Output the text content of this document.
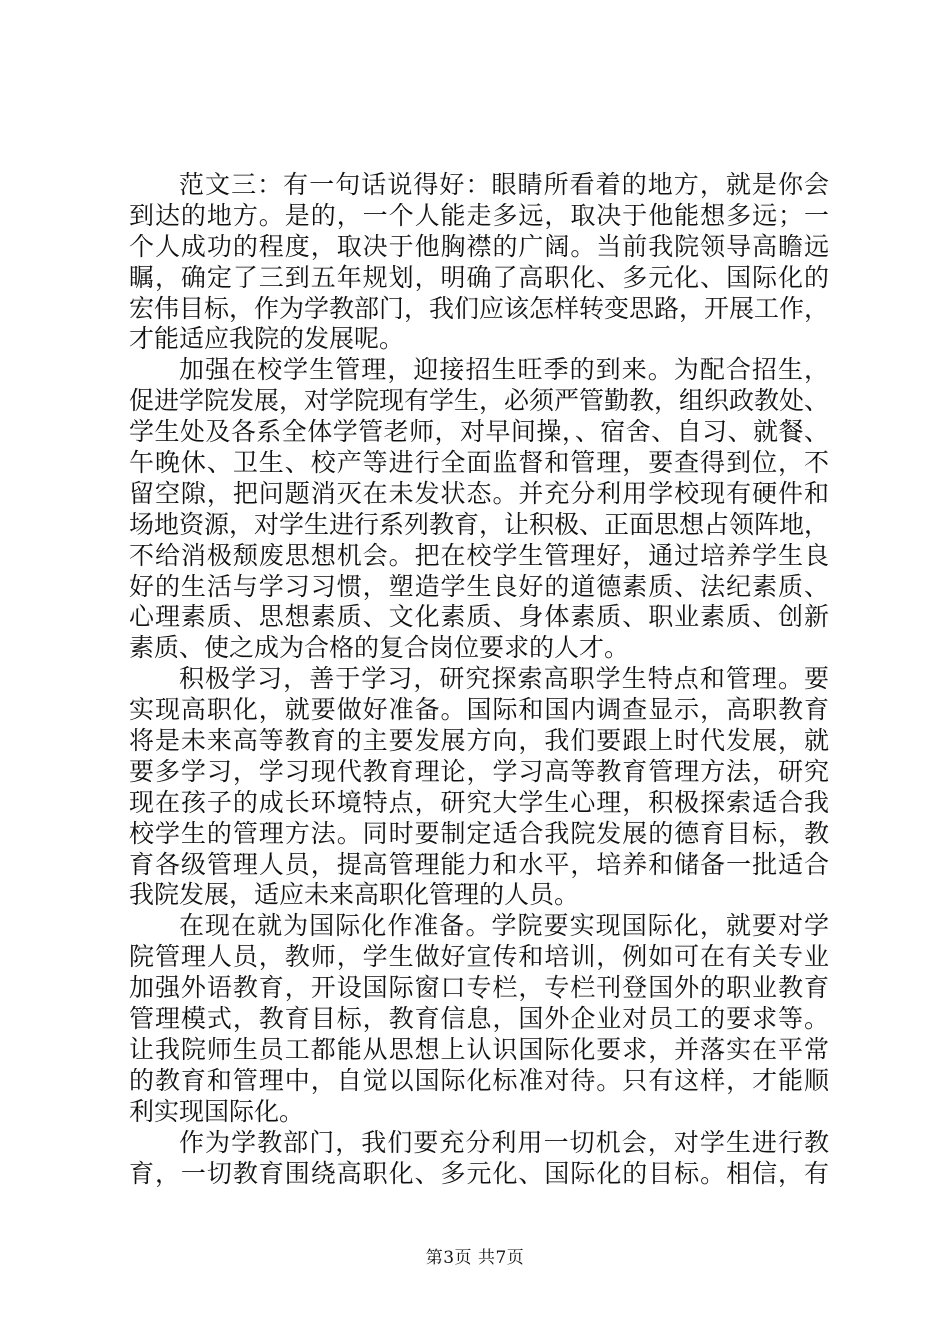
范文三：有一句话说得好：眼睛所看着的地方，就是你会
到达的地方。是的，一个人能走多远，取决于他能想多远；一
个人成功的程度，取决于他胸襟的广阔。当前我院领导高瞻远
瞩，确定了三到五年规划，明确了高职化、多元化、国际化的
宏伟目标，作为学教部门，我们应该怎样转变思路，开展工作，
才能适应我院的发展呢。
加强在校学生管理，迎接招生旺季的到来。为配合招生，
促进学院发展，对学院现有学生，必须严管勤教，组织政教处、
学生处及各系全体学管老师，对早间操，、宿舍、自习、就餐、
午晚休、卫生、校产等进行全面监督和管理，要查得到位，不
留空隙，把问题消灭在未发状态。并充分利用学校现有硬件和
场地资源，对学生进行系列教育，让积极、正面思想占领阵地，
不给消极颓废思想机会。把在校学生管理好，通过培养学生良
好的生活与学习习惯，塑造学生良好的道德素质、法纪素质、
心理素质、思想素质、文化素质、身体素质、职业素质、创新
素质、使之成为合格的复合岗位要求的人才。
积极学习，善于学习，研究探索高职学生特点和管理。要
实现高职化，就要做好准备。国际和国内调查显示，高职教育
将是未来高等教育的主要发展方向，我们要跟上时代发展，就
要多学习，学习现代教育理论，学习高等教育管理方法，研究
现在孩子的成长环境特点，研究大学生心理，积极探索适合我
校学生的管理方法。同时要制定适合我院发展的德育目标，教
育各级管理人员，提高管理能力和水平，培养和储备一批适合
我院发展，适应未来高职化管理的人员。
在现在就为国际化作准备。学院要实现国际化，就要对学
院管理人员，教师，学生做好宣传和培训，例如可在有关专业
加强外语教育，开设国际窗口专栏，专栏刊登国外的职业教育
管理模式，教育目标，教育信息，国外企业对员工的要求等。
让我院师生员工都能从思想上认识国际化要求，并落实在平常
的教育和管理中，自觉以国际化标准对待。只有这样，才能顺
利实现国际化。
作为学教部门，我们要充分利用一切机会，对学生进行教
育，一切教育围绕高职化、多元化、国际化的目标。相信，有
第3页 共7页
